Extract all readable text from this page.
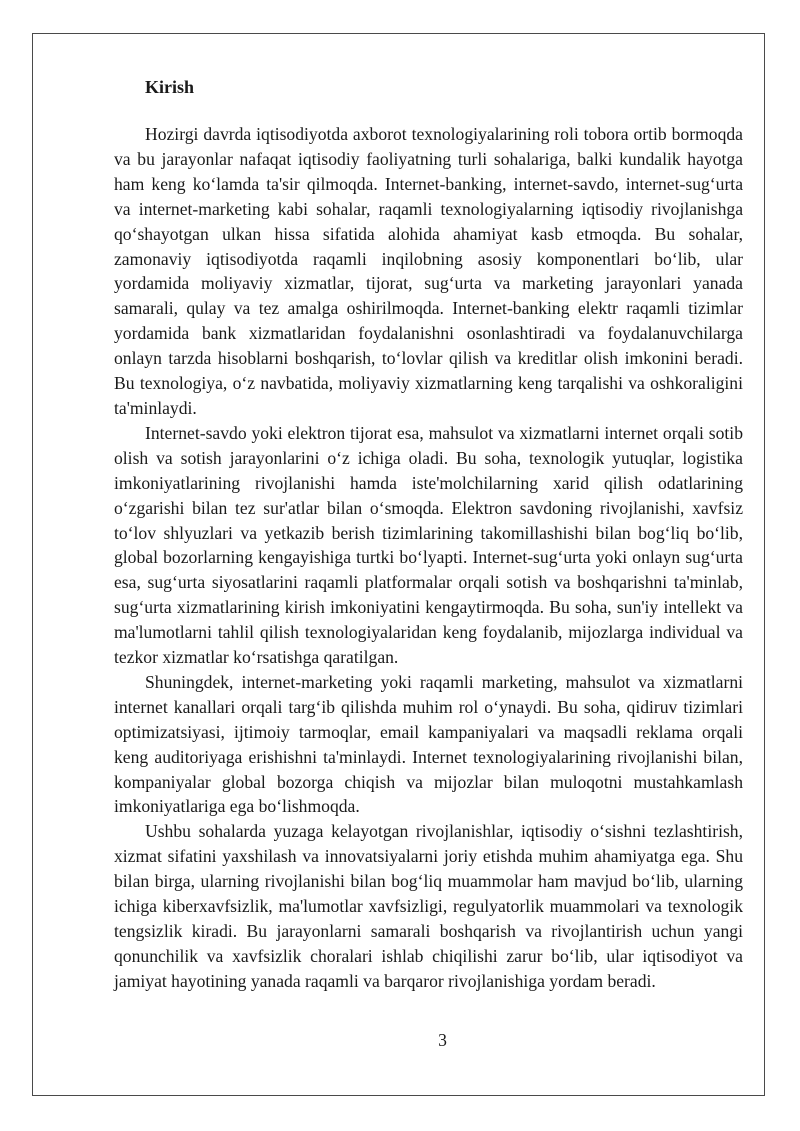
Kirish

Hozirgi davrda iqtisodiyotda axborot texnologiyalarining roli tobora ortib bormoqda va bu jarayonlar nafaqat iqtisodiy faoliyatning turli sohalariga, balki kundalik hayotga ham keng ko‘lamda ta'sir qilmoqda. Internet-banking, internet-savdo, internet-sug‘urta va internet-marketing kabi sohalar, raqamli texnologiyalarning iqtisodiy rivojlanishga qo‘shayotgan ulkan hissa sifatida alohida ahamiyat kasb etmoqda. Bu sohalar, zamonaviy iqtisodiyotda raqamli inqilobning asosiy komponentlari bo‘lib, ular yordamida moliyaviy xizmatlar, tijorat, sug‘urta va marketing jarayonlari yanada samarali, qulay va tez amalga oshirilmoqda. Internet-banking elektr raqamli tizimlar yordamida bank xizmatlaridan foydalanishni osonlashtiradi va foydalanuvchilarga onlayn tarzda hisoblarni boshqarish, to‘lovlar qilish va kreditlar olish imkonini beradi. Bu texnologiya, o‘z navbatida, moliyaviy xizmatlarning keng tarqalishi va oshkoraligini ta'minlaydi.

Internet-savdo yoki elektron tijorat esa, mahsulot va xizmatlarni internet orqali sotib olish va sotish jarayonlarini o‘z ichiga oladi. Bu soha, texnologik yutuqlar, logistika imkoniyatlarining rivojlanishi hamda iste'molchilarning xarid qilish odatlarining o‘zgarishi bilan tez sur'atlar bilan o‘smoqda. Elektron savdoning rivojlanishi, xavfsiz to‘lov shlyuzlari va yetkazib berish tizimlarining takomillashishi bilan bog‘liq bo‘lib, global bozorlarning kengayishiga turtki bo‘lyapti. Internet-sug‘urta yoki onlayn sug‘urta esa, sug‘urta siyosatlarini raqamli platformalar orqali sotish va boshqarishni ta'minlab, sug‘urta xizmatlarining kirish imkoniyatini kengaytirmoqda. Bu soha, sun'iy intellekt va ma'lumotlarni tahlil qilish texnologiyalaridan keng foydalanib, mijozlarga individual va tezkor xizmatlar ko‘rsatishga qaratilgan.

Shuningdek, internet-marketing yoki raqamli marketing, mahsulot va xizmatlarni internet kanallari orqali targ‘ib qilishda muhim rol o‘ynaydi. Bu soha, qidiruv tizimlari optimizatsiyasi, ijtimoiy tarmoqlar, email kampaniyalari va maqsadli reklama orqali keng auditoriyaga erishishni ta'minlaydi. Internet texnologiyalarining rivojlanishi bilan, kompaniyalar global bozorga chiqish va mijozlar bilan muloqotni mustahkamlash imkoniyatlariga ega bo‘lishmoqda.

Ushbu sohalarda yuzaga kelayotgan rivojlanishlar, iqtisodiy o‘sishni tezlashtirish, xizmat sifatini yaxshilash va innovatsiyalarni joriy etishda muhim ahamiyatga ega. Shu bilan birga, ularning rivojlanishi bilan bog‘liq muammolar ham mavjud bo‘lib, ularning ichiga kiberxavfsizlik, ma'lumotlar xavfsizligi, regulyatorlik muammolari va texnologik tengsizlik kiradi. Bu jarayonlarni samarali boshqarish va rivojlantirish uchun yangi qonunchilik va xavfsizlik choralari ishlab chiqilishi zarur bo‘lib, ular iqtisodiyot va jamiyat hayotining yanada raqamli va barqaror rivojlanishiga yordam beradi.

3
